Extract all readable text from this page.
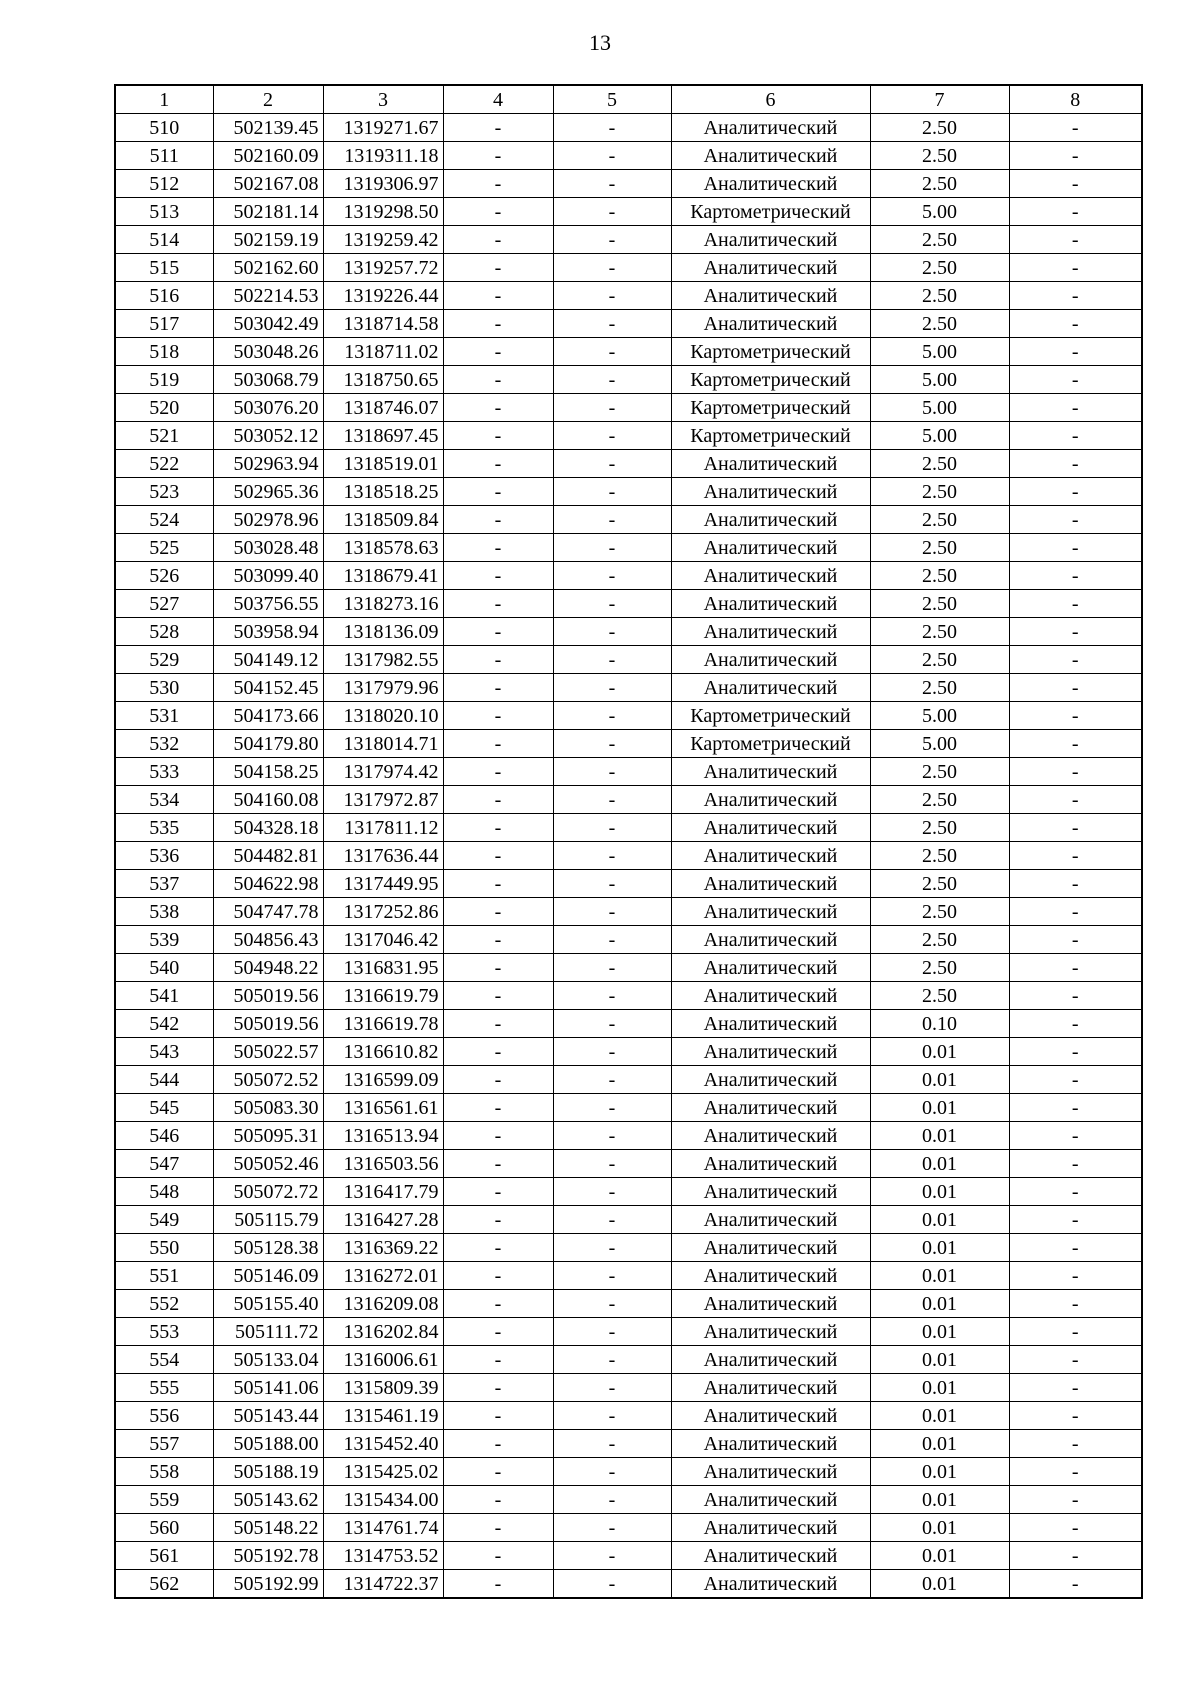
13
1	2	3	4	5	6	7	8
510	502139.45	1319271.67	-	-	Аналитический	2.50	-
511	502160.09	1319311.18	-	-	Аналитический	2.50	-
512	502167.08	1319306.97	-	-	Аналитический	2.50	-
513	502181.14	1319298.50	-	-	Картометрический	5.00	-
514	502159.19	1319259.42	-	-	Аналитический	2.50	-
515	502162.60	1319257.72	-	-	Аналитический	2.50	-
516	502214.53	1319226.44	-	-	Аналитический	2.50	-
517	503042.49	1318714.58	-	-	Аналитический	2.50	-
518	503048.26	1318711.02	-	-	Картометрический	5.00	-
519	503068.79	1318750.65	-	-	Картометрический	5.00	-
520	503076.20	1318746.07	-	-	Картометрический	5.00	-
521	503052.12	1318697.45	-	-	Картометрический	5.00	-
522	502963.94	1318519.01	-	-	Аналитический	2.50	-
523	502965.36	1318518.25	-	-	Аналитический	2.50	-
524	502978.96	1318509.84	-	-	Аналитический	2.50	-
525	503028.48	1318578.63	-	-	Аналитический	2.50	-
526	503099.40	1318679.41	-	-	Аналитический	2.50	-
527	503756.55	1318273.16	-	-	Аналитический	2.50	-
528	503958.94	1318136.09	-	-	Аналитический	2.50	-
529	504149.12	1317982.55	-	-	Аналитический	2.50	-
530	504152.45	1317979.96	-	-	Аналитический	2.50	-
531	504173.66	1318020.10	-	-	Картометрический	5.00	-
532	504179.80	1318014.71	-	-	Картометрический	5.00	-
533	504158.25	1317974.42	-	-	Аналитический	2.50	-
534	504160.08	1317972.87	-	-	Аналитический	2.50	-
535	504328.18	1317811.12	-	-	Аналитический	2.50	-
536	504482.81	1317636.44	-	-	Аналитический	2.50	-
537	504622.98	1317449.95	-	-	Аналитический	2.50	-
538	504747.78	1317252.86	-	-	Аналитический	2.50	-
539	504856.43	1317046.42	-	-	Аналитический	2.50	-
540	504948.22	1316831.95	-	-	Аналитический	2.50	-
541	505019.56	1316619.79	-	-	Аналитический	2.50	-
542	505019.56	1316619.78	-	-	Аналитический	0.10	-
543	505022.57	1316610.82	-	-	Аналитический	0.01	-
544	505072.52	1316599.09	-	-	Аналитический	0.01	-
545	505083.30	1316561.61	-	-	Аналитический	0.01	-
546	505095.31	1316513.94	-	-	Аналитический	0.01	-
547	505052.46	1316503.56	-	-	Аналитический	0.01	-
548	505072.72	1316417.79	-	-	Аналитический	0.01	-
549	505115.79	1316427.28	-	-	Аналитический	0.01	-
550	505128.38	1316369.22	-	-	Аналитический	0.01	-
551	505146.09	1316272.01	-	-	Аналитический	0.01	-
552	505155.40	1316209.08	-	-	Аналитический	0.01	-
553	505111.72	1316202.84	-	-	Аналитический	0.01	-
554	505133.04	1316006.61	-	-	Аналитический	0.01	-
555	505141.06	1315809.39	-	-	Аналитический	0.01	-
556	505143.44	1315461.19	-	-	Аналитический	0.01	-
557	505188.00	1315452.40	-	-	Аналитический	0.01	-
558	505188.19	1315425.02	-	-	Аналитический	0.01	-
559	505143.62	1315434.00	-	-	Аналитический	0.01	-
560	505148.22	1314761.74	-	-	Аналитический	0.01	-
561	505192.78	1314753.52	-	-	Аналитический	0.01	-
562	505192.99	1314722.37	-	-	Аналитический	0.01	-
